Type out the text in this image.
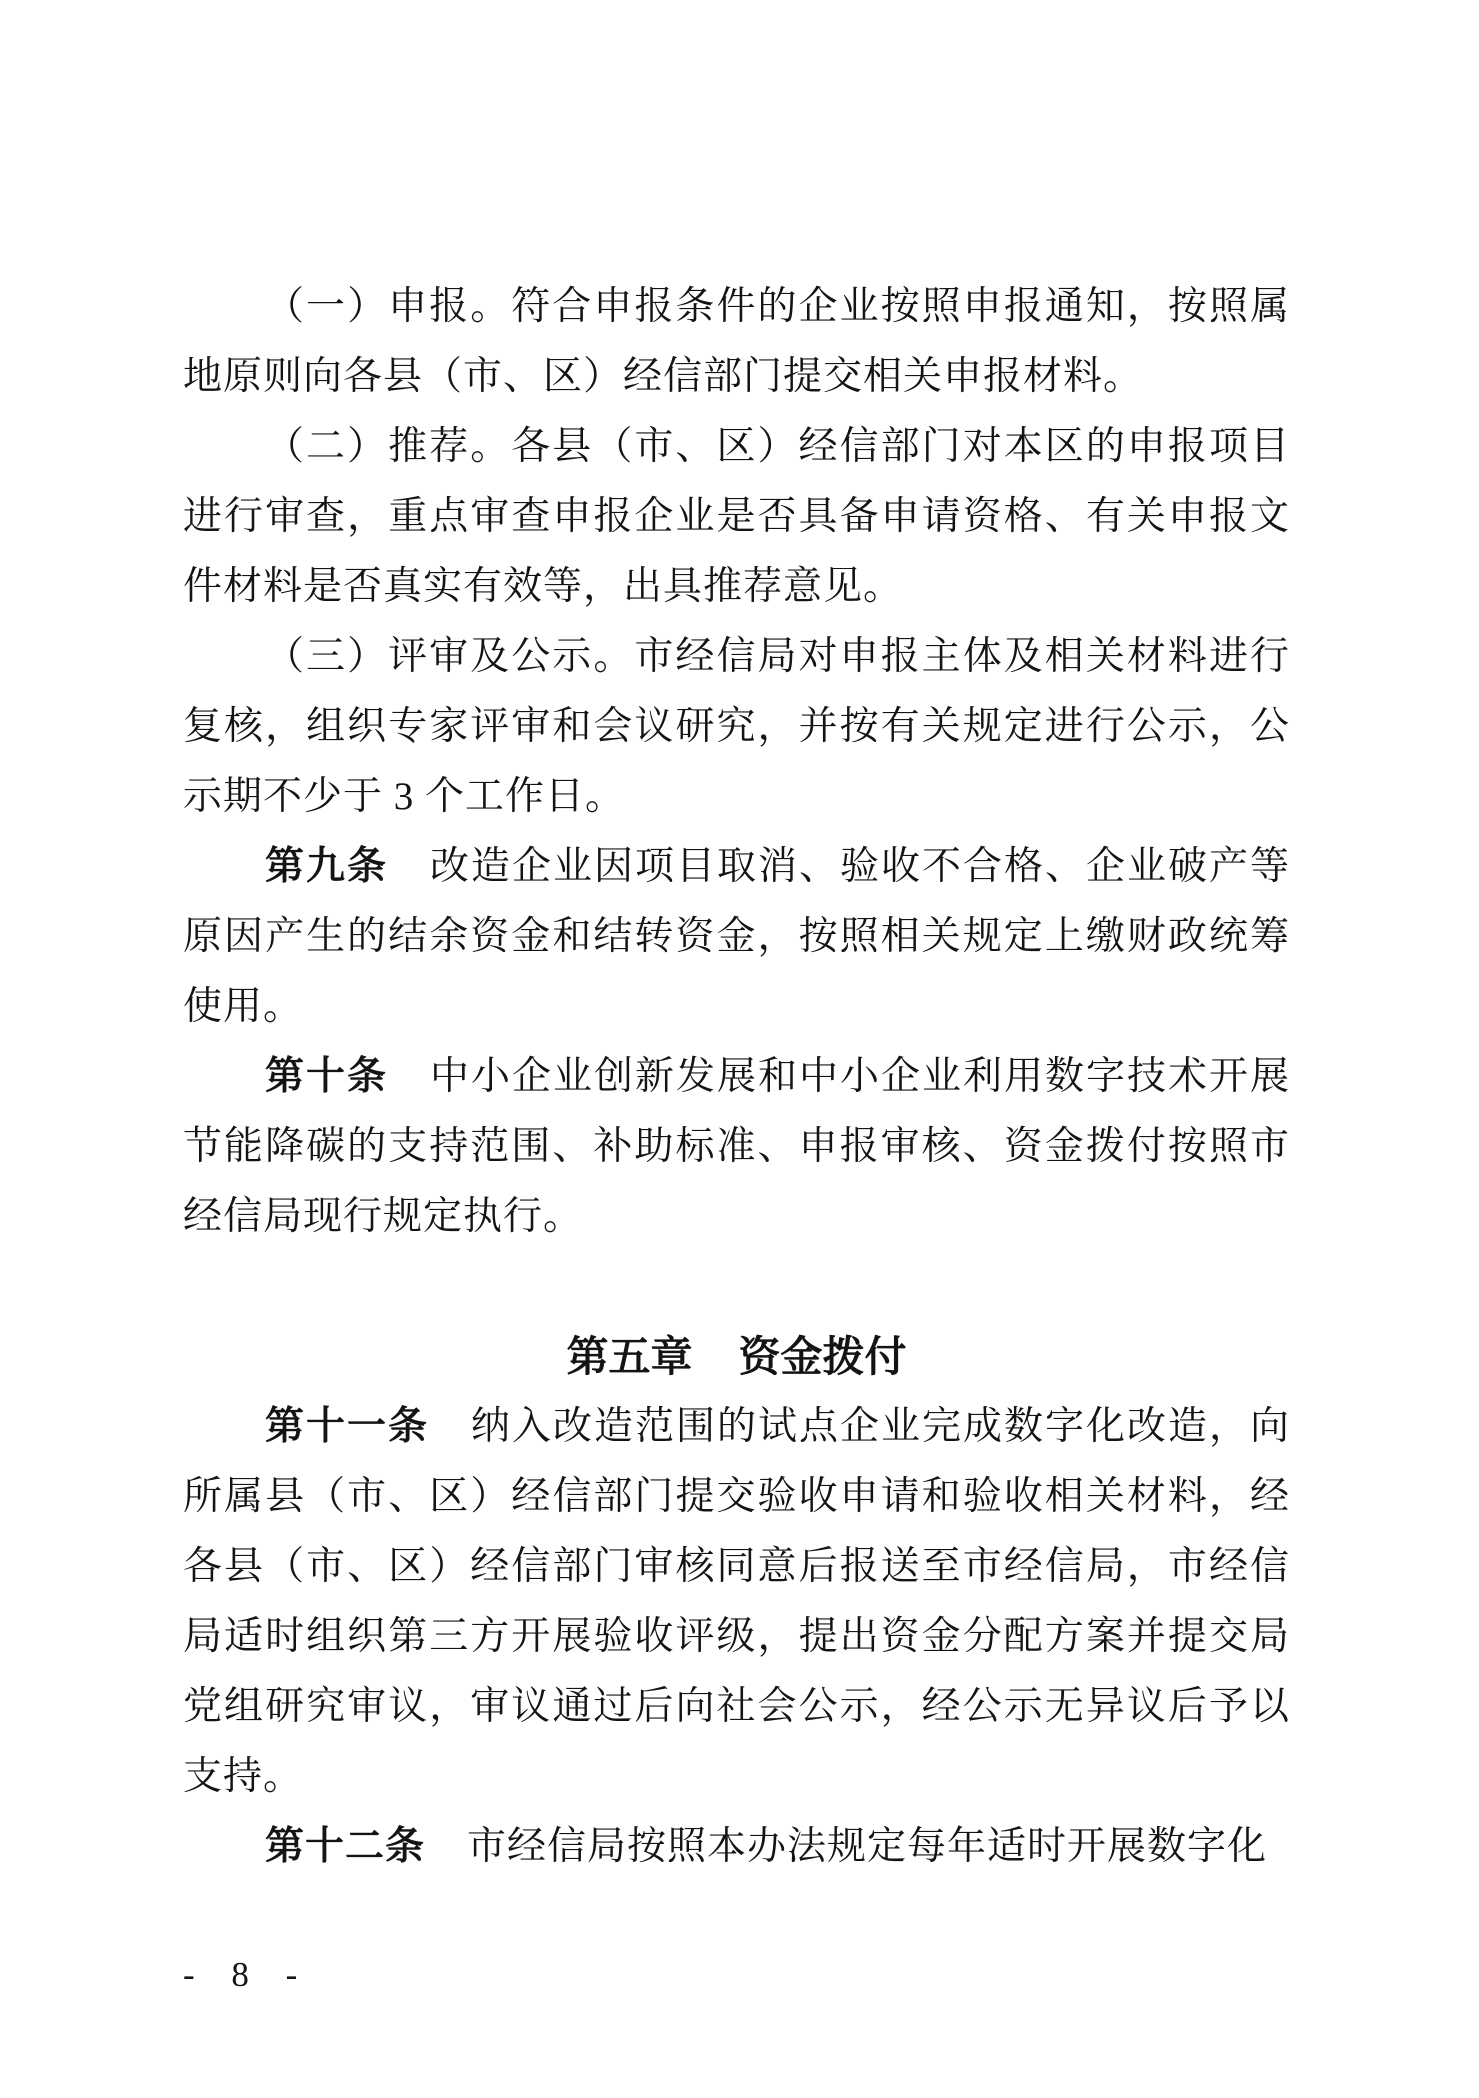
（一）申报。符合申报条件的企业按照申报通知，按照属地原则向各县（市、区）经信部门提交相关申报材料。

（二）推荐。各县（市、区）经信部门对本区的申报项目进行审查，重点审查申报企业是否具备申请资格、有关申报文件材料是否真实有效等，出具推荐意见。

（三）评审及公示。市经信局对申报主体及相关材料进行复核，组织专家评审和会议研究，并按有关规定进行公示，公示期不少于 3 个工作日。

第九条 改造企业因项目取消、验收不合格、企业破产等原因产生的结余资金和结转资金，按照相关规定上缴财政统筹使用。

第十条 中小企业创新发展和中小企业利用数字技术开展节能降碳的支持范围、补助标准、申报审核、资金拨付按照市经信局现行规定执行。

第五章 资金拨付

第十一条 纳入改造范围的试点企业完成数字化改造，向所属县（市、区）经信部门提交验收申请和验收相关材料，经各县（市、区）经信部门审核同意后报送至市经信局，市经信局适时组织第三方开展验收评级，提出资金分配方案并提交局党组研究审议，审议通过后向社会公示，经公示无异议后予以支持。

第十二条 市经信局按照本办法规定每年适时开展数字化

- 8 -
